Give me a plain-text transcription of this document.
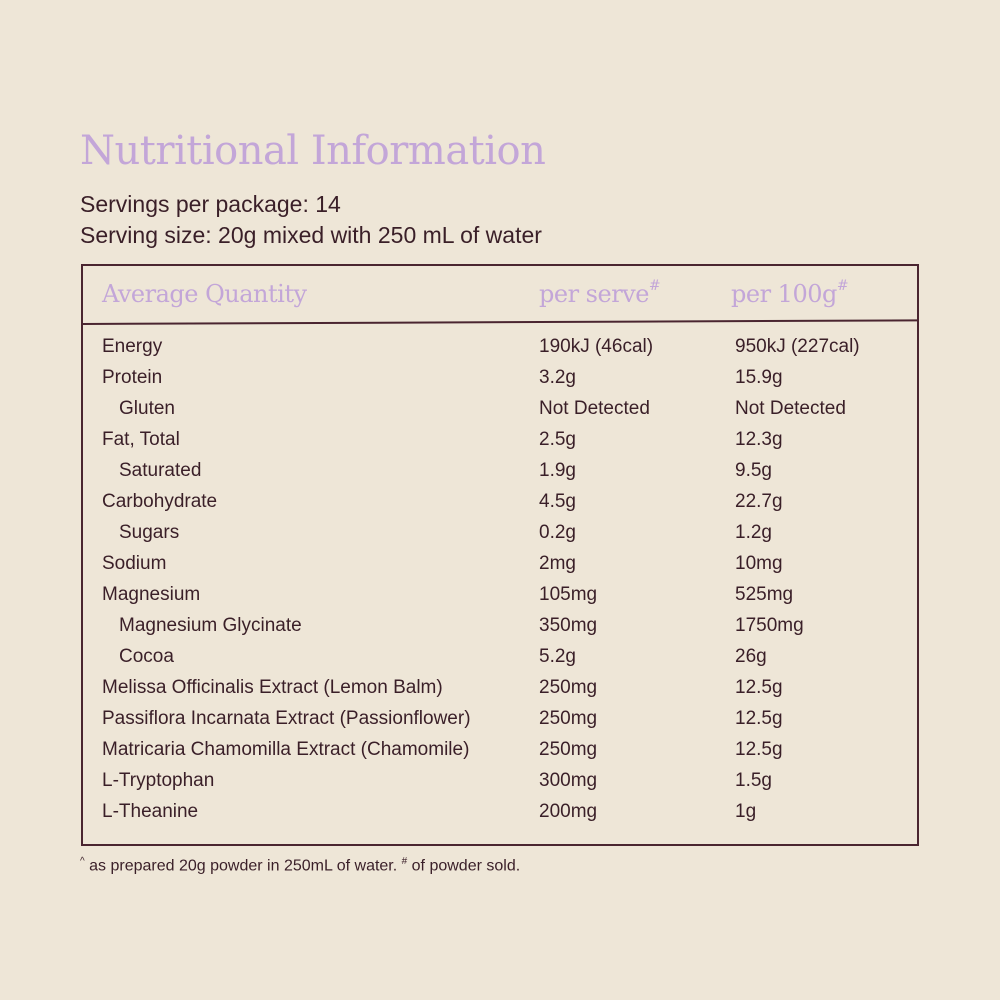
Nutritional Information
Servings per package: 14
Serving size: 20g mixed with 250 mL of water
Average Quantity	per serve#	per 100g#
Energy	190kJ (46cal)	950kJ (227cal)
Protein	3.2g	15.9g
Gluten	Not Detected	Not Detected
Fat, Total	2.5g	12.3g
Saturated	1.9g	9.5g
Carbohydrate	4.5g	22.7g
Sugars	0.2g	1.2g
Sodium	2mg	10mg
Magnesium	105mg	525mg
Magnesium Glycinate	350mg	1750mg
Cocoa	5.2g	26g
Melissa Officinalis Extract (Lemon Balm)	250mg	12.5g
Passiflora Incarnata Extract (Passionflower)	250mg	12.5g
Matricaria Chamomilla Extract (Chamomile)	250mg	12.5g
L-Tryptophan	300mg	1.5g
L-Theanine	200mg	1g
^ as prepared 20g powder in 250mL of water. # of powder sold.
